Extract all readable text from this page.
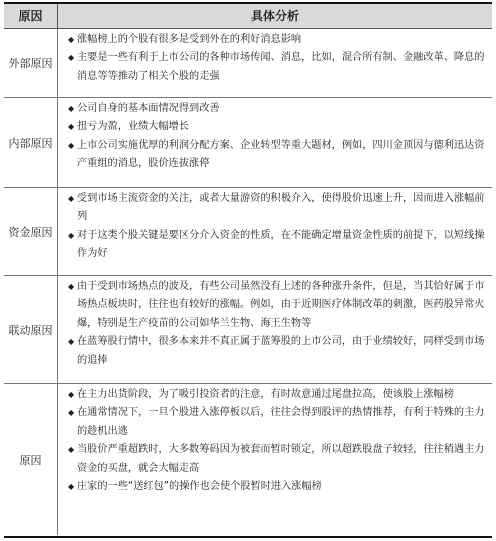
原因	具体分析
外部原因
◆ 涨幅榜上的个股有很多是受到外在的利好消息影响
◆ 主要是一些有利于上市公司的各种市场传闻、消息，比如，混合所有制、金融改革、降息的消息等等推动了相关个股的走强
内部原因
◆ 公司自身的基本面情况得到改善
◆ 扭亏为盈，业绩大幅增长
◆ 上市公司实施优厚的利润分配方案、企业转型等重大题材，例如，四川金顶因与德利迅达资产重组的消息，股价连拔涨停
资金原因
◆ 受到市场主流资金的关注，或者大量游资的积极介入，使得股价迅速上升，因而进入涨幅前列
◆ 对于这类个股关键是要区分介入资金的性质，在不能确定增量资金性质的前提下，以短线操作为好
联动原因
◆ 由于受到市场热点的波及，有些公司虽然没有上述的各种涨升条件，但是，当其恰好属于市场热点板块时，往往也有较好的涨幅。例如，由于近期医疗体制改革的刺激，医药股异常火爆，特别是生产疫苗的公司如华兰生物、海王生物等
◆ 在蓝筹股行情中，很多本来并不真正属于蓝筹股的上市公司，由于业绩较好，同样受到市场的追捧
原因
◆ 在主力出货阶段，为了吸引投资者的注意，有时故意通过尾盘拉高，使该股上涨幅榜
◆ 在通常情况下，一旦个股进入涨停板以后，往往会得到股评的热情推荐，有利于特殊的主力的趁机出逃
◆ 当股价严重超跌时，大多数筹码因为被套而暂时锁定，所以超跌股盘子较轻，往往稍遇主力资金的买盘，就会大幅走高
◆ 庄家的一些“送红包”的操作也会使个股暂时进入涨幅榜
